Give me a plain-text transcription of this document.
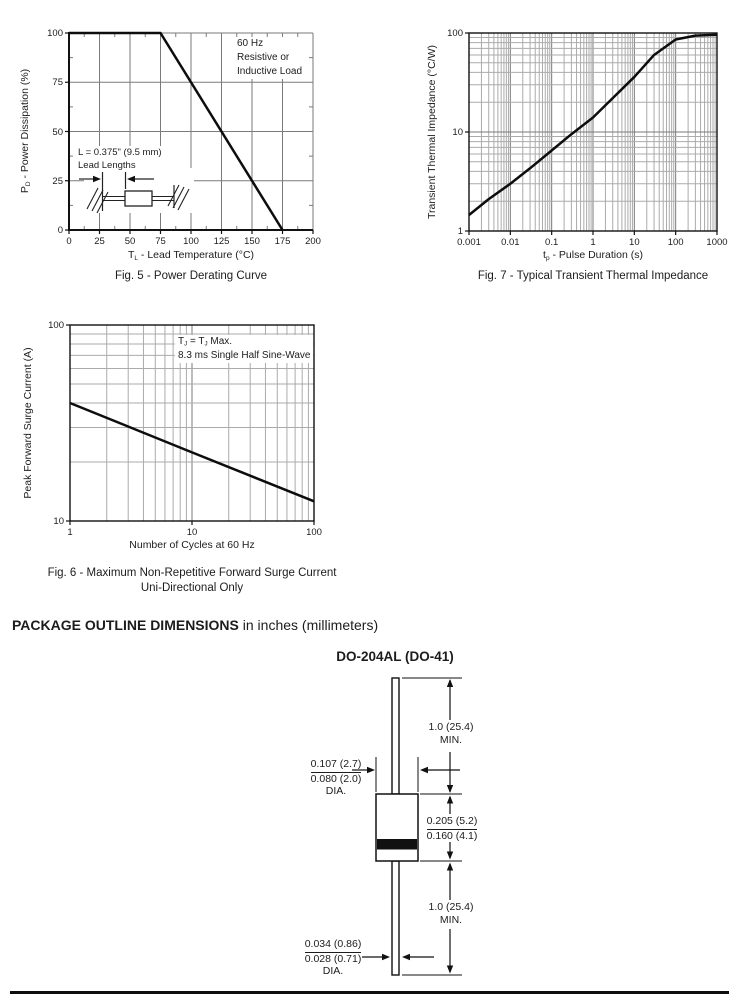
$P_D$ - Power Dissipation (%)
$T_L$ - Lead Temperature (°C)
60 Hz
Resistive or
Inductive Load
L = 0.375" (9.5 mm)
Lead Lengths
Fig. 5 - Power Derating Curve
0	25	50	75	100	125	150	175	200
0
25
50
75
100
Transient Thermal Impedance (°C/W)
$t_p$ - Pulse Duration (s)
Fig. 7 - Typical Transient Thermal Impedance
0.001	0.01	0.1	1	10	100	1000
1
10
100
Peak Forward Surge Current (A)
Number of Cycles at 60 Hz
$T_J = T_J$ Max.
8.3 ms Single Half Sine-Wave
Fig. 6 - Maximum Non-Repetitive Forward Surge Current
Uni-Directional Only
1	10	100
10
100
PACKAGE OUTLINE DIMENSIONS in inches (millimeters)
DO-204AL (DO-41)
0.107 (2.7)
0.080 (2.0)
DIA.
0.205 (5.2)
0.160 (4.1)
1.0 (25.4)
MIN.
1.0 (25.4)
MIN.
0.034 (0.86)
0.028 (0.71)
DIA.
